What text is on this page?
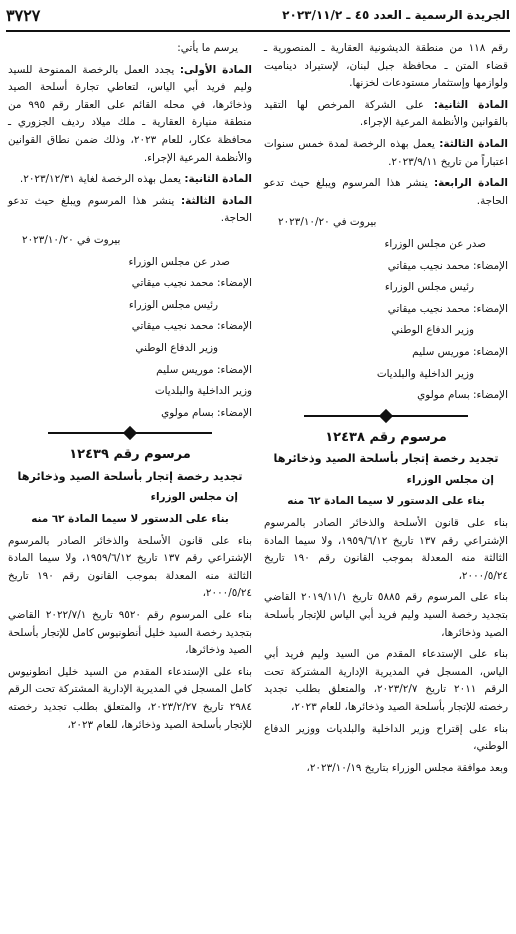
الجريدة الرسمية ـ العدد ٤٥ ـ ٢٠٢٣/١١/٢
٣٧٢٧

رقم ١١٨ من منطقة الديشونية العقارية ـ المنصورية ـ قضاء المتن ـ محافظة جبل لبنان، لإستيراد ديناميت ولوازمها وإستثمار مستودعات لخزنها.

المادة الثانية: على الشركة المرخص لها التقيد بالقوانين والأنظمة المرعية الإجراء.

المادة الثالثة: يعمل بهذه الرخصة لمدة خمس سنوات اعتباراً من تاريخ ٢٠٢٣/٩/١١.

المادة الرابعة: ينشر هذا المرسوم ويبلغ حيث تدعو الحاجة.

بيروت في ٢٠٢٣/١٠/٢٠

صدر عن مجلس الوزراء

الإمضاء: محمد نجيب ميقاتي

رئيس مجلس الوزراء

الإمضاء: محمد نجيب ميقاتي

وزير الدفاع الوطني

الإمضاء: موريس سليم

وزير الداخلية والبلديات

الإمضاء: بسام مولوي

مرسوم رقم ١٢٤٣٨

تجديد رخصة إتجار بأسلحة الصيد وذخائرها

إن مجلس الوزراء

بناء على الدستور لا سيما المادة ٦٢ منه

بناء على قانون الأسلحة والذخائر الصادر بالمرسوم الإشتراعي رقم ١٣٧ تاريخ ١٩٥٩/٦/١٢، ولا سيما المادة الثالثة منه المعدلة بموجب القانون رقم ١٩٠ تاريخ ٢٠٠٠/٥/٢٤،

بناء على المرسوم رقم ٥٨٨٥ تاريخ ٢٠١٩/١١/١ القاضي بتجديد رخصة السيد وليم فريد أبي الياس للإتجار بأسلحة الصيد وذخائرها،

بناء على الإستدعاء المقدم من السيد وليم فريد أبي الياس، المسجل في المديرية الإدارية المشتركة تحت الرقم ٢٠١١ تاريخ ٢٠٢٣/٢/٧، والمتعلق بطلب تجديد رخصته للإتجار بأسلحة الصيد وذخائرها، للعام ٢٠٢٣،

بناء على إقتراح وزير الداخلية والبلديات ووزير الدفاع الوطني،

وبعد موافقة مجلس الوزراء بتاريخ ٢٠٢٣/١٠/١٩،

يرسم ما يأتي:

المادة الأولى: يجدد العمل بالرخصة الممنوحة للسيد وليم فريد أبي الياس، لتعاطي تجارة أسلحة الصيد وذخائرها، في محله القائم على العقار رقم ٩٩٥ من منطقة منيارة العقارية ـ ملك ميلاد رديف الجزوري ـ محافظة عكار، للعام ٢٠٢٣، وذلك ضمن نطاق القوانين والأنظمة المرعية الإجراء.

المادة الثانية: يعمل بهذه الرخصة لغاية ٢٠٢٣/١٢/٣١.

المادة الثالثة: ينشر هذا المرسوم ويبلغ حيث تدعو الحاجة.

بيروت في ٢٠٢٣/١٠/٢٠

صدر عن مجلس الوزراء

الإمضاء: محمد نجيب ميقاتي

رئيس مجلس الوزراء

الإمضاء: محمد نجيب ميقاتي

وزير الدفاع الوطني

الإمضاء: موريس سليم

وزير الداخلية والبلديات

الإمضاء: بسام مولوي

مرسوم رقم ١٢٤٣٩

تجديد رخصة إتجار بأسلحة الصيد وذخائرها

إن مجلس الوزراء

بناء على الدستور لا سيما المادة ٦٢ منه

بناء على قانون الأسلحة والذخائر الصادر بالمرسوم الإشتراعي رقم ١٣٧ تاريخ ١٩٥٩/٦/١٢، ولا سيما المادة الثالثة منه المعدلة بموجب القانون رقم ١٩٠ تاريخ ٢٠٠٠/٥/٢٤،

بناء على المرسوم رقم ٩٥٢٠ تاريخ ٢٠٢٢/٧/١ القاضي بتجديد رخصة السيد خليل أنطونيوس كامل للإتجار بأسلحة الصيد وذخائرها،

بناء على الإستدعاء المقدم من السيد خليل انطونيوس كامل المسجل في المديرية الإدارية المشتركة تحت الرقم ٢٩٨٤ تاريخ ٢٠٢٣/٢/٢٧، والمتعلق بطلب تجديد رخصته للإتجار بأسلحة الصيد وذخائرها، للعام ٢٠٢٣،
